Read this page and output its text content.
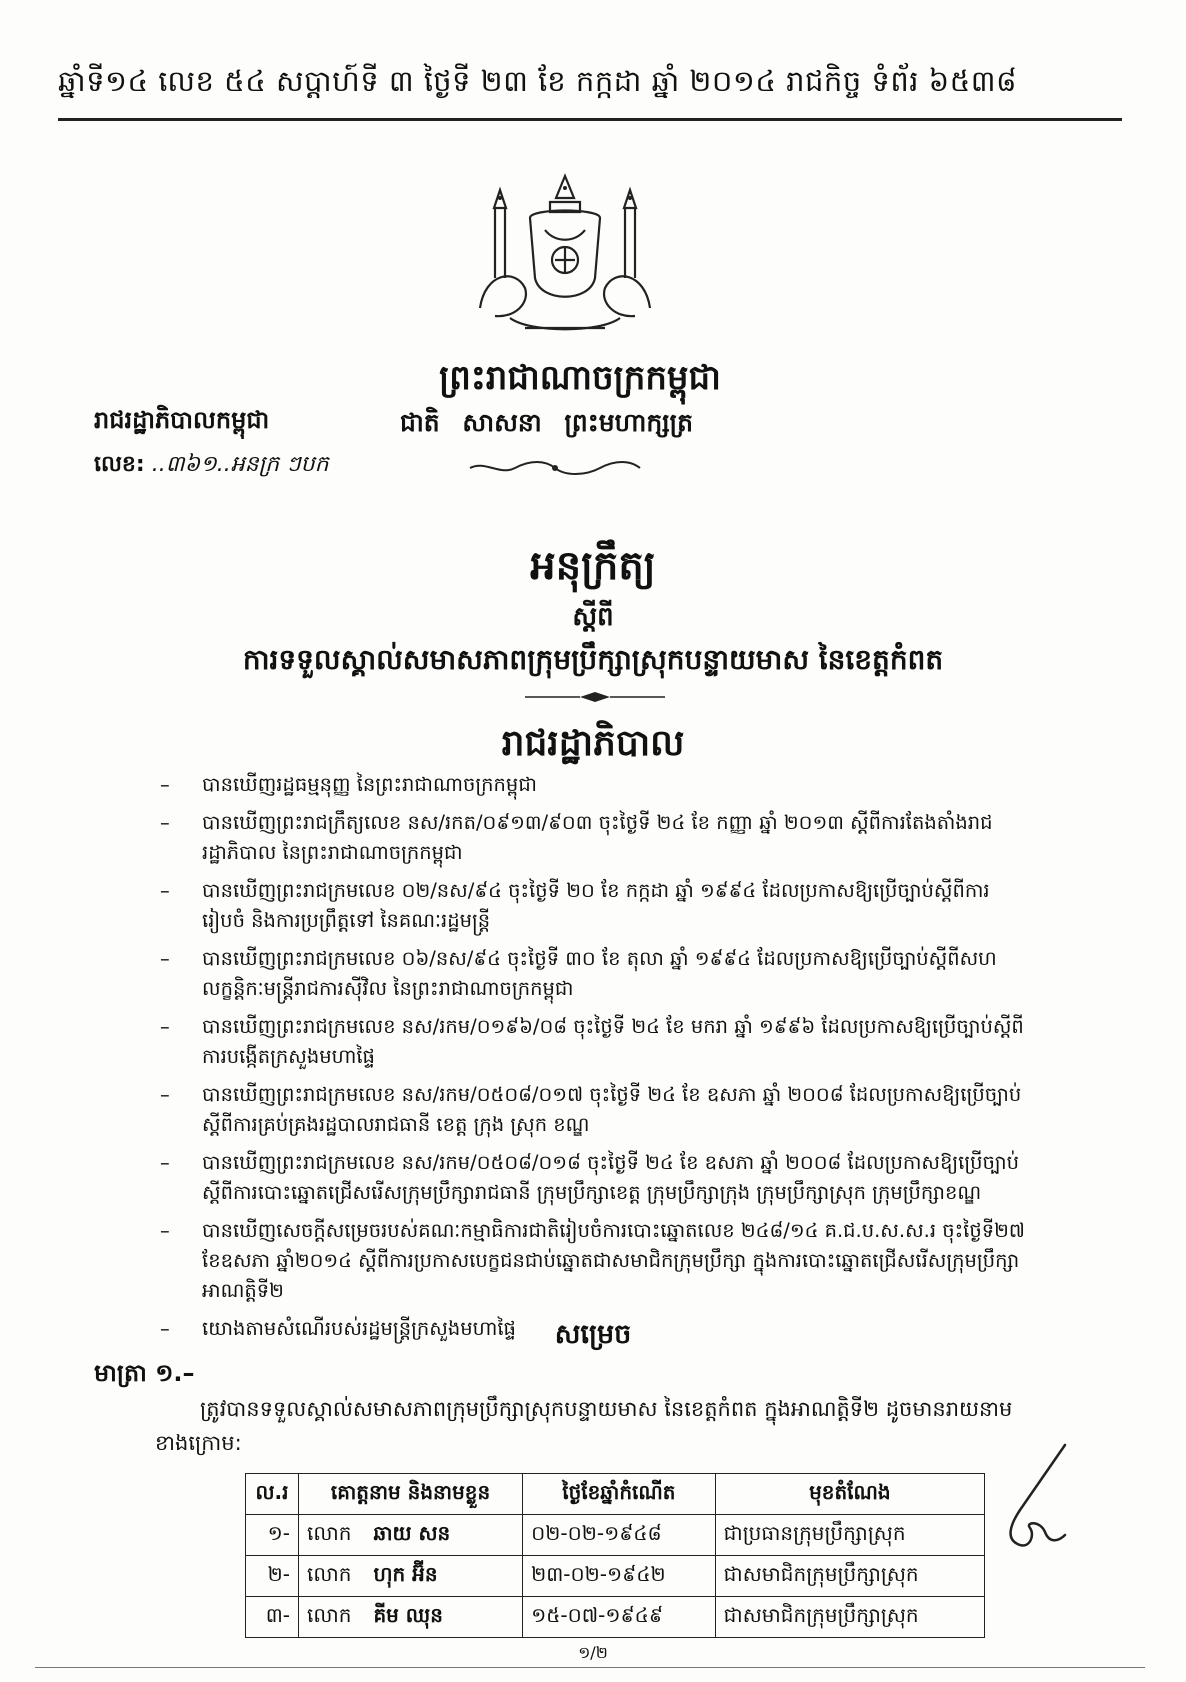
ឆ្នាំទី១៤ លេខ ៥៤ សប្តាហ៍ទី ៣ ថ្ងៃទី ២៣ ខែ កក្កដា ឆ្នាំ ២០១៤ រាជកិច្ច ទំព័រ ៦៥៣៨
ព្រះរាជាណាចក្រកម្ពុជា
ជាតិ សាសនា ព្រះមហាក្សត្រ
រាជរដ្ឋាភិបាលកម្ពុជា
លេខ: ..៣៦១..អនក្រ ៗបក
អនុក្រឹត្យ
ស្តីពី
ការទទួលស្គាល់សមាសភាពក្រុមប្រឹក្សាស្រុកបន្ទាយមាស នៃខេត្តកំពត
រាជរដ្ឋាភិបាល
– បានឃើញរដ្ឋធម្មនុញ្ញ នៃព្រះរាជាណាចក្រកម្ពុជា
– បានឃើញព្រះរាជក្រឹត្យលេខ នស/រកត/០៩១៣/៩០៣ ចុះថ្ងៃទី ២៤ ខែ កញ្ញា ឆ្នាំ ២០១៣ ស្តីពីការតែងតាំងរាជរដ្ឋាភិបាល នៃព្រះរាជាណាចក្រកម្ពុជា
– បានឃើញព្រះរាជក្រមលេខ ០២/នស/៩៤ ចុះថ្ងៃទី ២០ ខែ កក្កដា ឆ្នាំ ១៩៩៤ ដែលប្រកាសឱ្យប្រើច្បាប់ស្តីពីការរៀបចំ និងការប្រព្រឹត្តទៅ នៃគណៈរដ្ឋមន្ត្រី
– បានឃើញព្រះរាជក្រមលេខ ០៦/នស/៩៤ ចុះថ្ងៃទី ៣០ ខែ តុលា ឆ្នាំ ១៩៩៤ ដែលប្រកាសឱ្យប្រើច្បាប់ស្តីពីសហលក្ខន្តិកៈមន្ត្រីរាជការស៊ីវិល នៃព្រះរាជាណាចក្រកម្ពុជា
– បានឃើញព្រះរាជក្រមលេខ នស/រកម/០១៩៦/០៨ ចុះថ្ងៃទី ២៤ ខែ មករា ឆ្នាំ ១៩៩៦ ដែលប្រកាសឱ្យប្រើច្បាប់ស្តីពីការបង្កើតក្រសួងមហាផ្ទៃ
– បានឃើញព្រះរាជក្រមលេខ នស/រកម/០៥០៨/០១៧ ចុះថ្ងៃទី ២៤ ខែ ឧសភា ឆ្នាំ ២០០៨ ដែលប្រកាសឱ្យប្រើច្បាប់ស្តីពីការគ្រប់គ្រងរដ្ឋបាលរាជធានី ខេត្ត ក្រុង ស្រុក ខណ្ឌ
– បានឃើញព្រះរាជក្រមលេខ នស/រកម/០៥០៨/០១៨ ចុះថ្ងៃទី ២៤ ខែ ឧសភា ឆ្នាំ ២០០៨ ដែលប្រកាសឱ្យប្រើច្បាប់ស្តីពីការបោះឆ្នោតជ្រើសរើសក្រុមប្រឹក្សារាជធានី ក្រុមប្រឹក្សាខេត្ត ក្រុមប្រឹក្សាក្រុង ក្រុមប្រឹក្សាស្រុក ក្រុមប្រឹក្សាខណ្ឌ
– បានឃើញសេចក្តីសម្រេចរបស់គណៈកម្មាធិការជាតិរៀបចំការបោះឆ្នោតលេខ ២៤៨/១៤ គ.ជ.ប.ស.ស.រ ចុះថ្ងៃទី២៧ ខែឧសភា ឆ្នាំ២០១៤ ស្តីពីការប្រកាសបេក្ខជនជាប់ឆ្នោតជាសមាជិកក្រុមប្រឹក្សា ក្នុងការបោះឆ្នោតជ្រើសរើសក្រុមប្រឹក្សា អាណត្តិទី២
– យោងតាមសំណើរបស់រដ្ឋមន្ត្រីក្រសួងមហាផ្ទៃ	សម្រេច
មាត្រា ១.–
ត្រូវបានទទួលស្គាល់សមាសភាពក្រុមប្រឹក្សាស្រុកបន្ទាយមាស នៃខេត្តកំពត ក្នុងអាណត្តិទី២ ដូចមានរាយនាមខាងក្រោម:
ល.រ	គោត្តនាម និងនាមខ្លួន	ថ្ងៃខែឆ្នាំកំណើត	មុខតំណែង
១-	លោក ឆាយ សន	០២-០២-១៩៤៨	ជាប្រធានក្រុមប្រឹក្សាស្រុក
២-	លោក ហុក អ៊ីន	២៣-០២-១៩៤២	ជាសមាជិកក្រុមប្រឹក្សាស្រុក
៣-	លោក គីម ឈុន	១៥-០៧-១៩៤៩	ជាសមាជិកក្រុមប្រឹក្សាស្រុក
១/២
